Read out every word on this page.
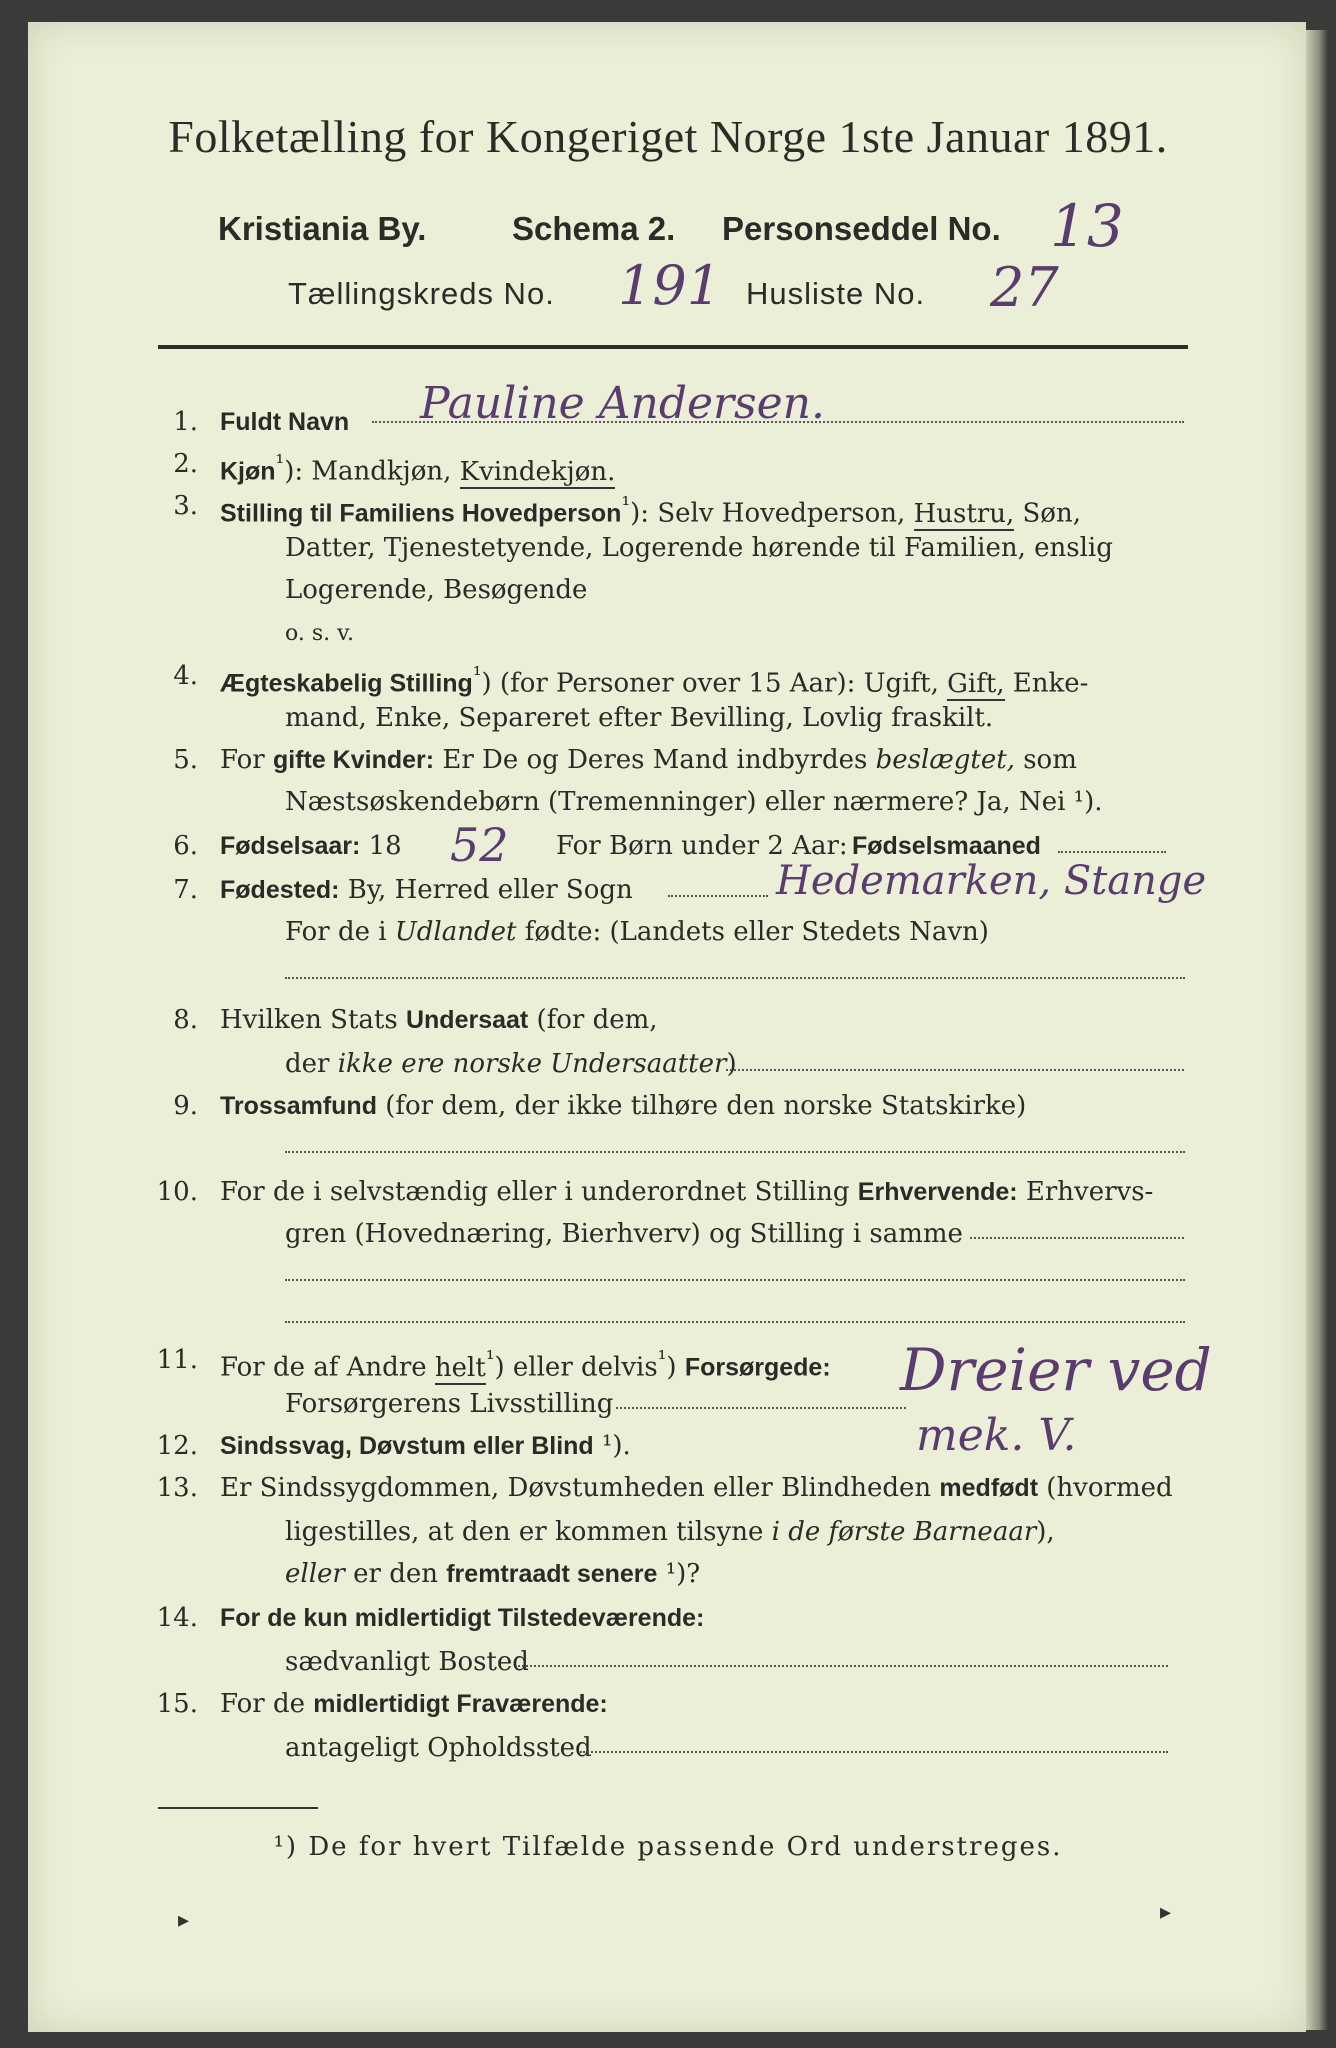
Folketælling for Kongeriget Norge 1ste Januar 1891.
Kristiania By.	Schema 2. Personseddel No. 13
Tællingskreds No. 191 Husliste No. 27
1. Fuldt Navn Pauline Andersen.
2. Kjøn$^{^1}$): Mandkjøn, Kvindekjøn.
3. Stilling til Familiens Hovedperson$^{^1}$): Selv Hovedperson, Hustru, Søn,
Datter, Tjenestetyende, Logerende hørende til Familien, enslig
Logerende, Besøgende
o. s. v.
4. Ægteskabelig Stilling$^{^1}$) (for Personer over 15 Aar): Ugift, Gift, Enke-
mand, Enke, Separeret efter Bevilling, Lovlig fraskilt.
5. For gifte Kvinder: Er De og Deres Mand indbyrdes beslægtet, som
Næstsøskendebørn (Tremenninger) eller nærmere? Ja, Nei ¹).
6. Fødselsaar: 18	For Børn under 2 Aar: Fødselsmaaned
52
7. Fødested: By, Herred eller Sogn	Hedemarken, Stange
For de i Udlandet fødte: (Landets eller Stedets Navn)
8. Hvilken Stats Undersaat (for dem,
der ikke ere norske Undersaatter)
9. Trossamfund (for dem, der ikke tilhøre den norske Statskirke)
10. For de i selvstændig eller i underordnet Stilling Erhvervende: Erhvervs-
gren (Hovednæring, Bierhverv) og Stilling i samme
11. For de af Andre helt$^{^1}$) eller delvis$^{^1}$) Forsørgede:
Forsørgerens Livsstilling	Dreier ved
mek. V.
12. Sindssvag, Døvstum eller Blind ¹).
13. Er Sindssygdommen, Døvstumheden eller Blindheden medfødt (hvormed
ligestilles, at den er kommen tilsyne i de første Barneaar),
eller er den fremtraadt senere ¹)?
14. For de kun midlertidigt Tilstedeværende:
sædvanligt Bosted
15. For de midlertidigt Fraværende:
antageligt Opholdssted
¹) De for hvert Tilfælde passende Ord understreges.
▸	▸
